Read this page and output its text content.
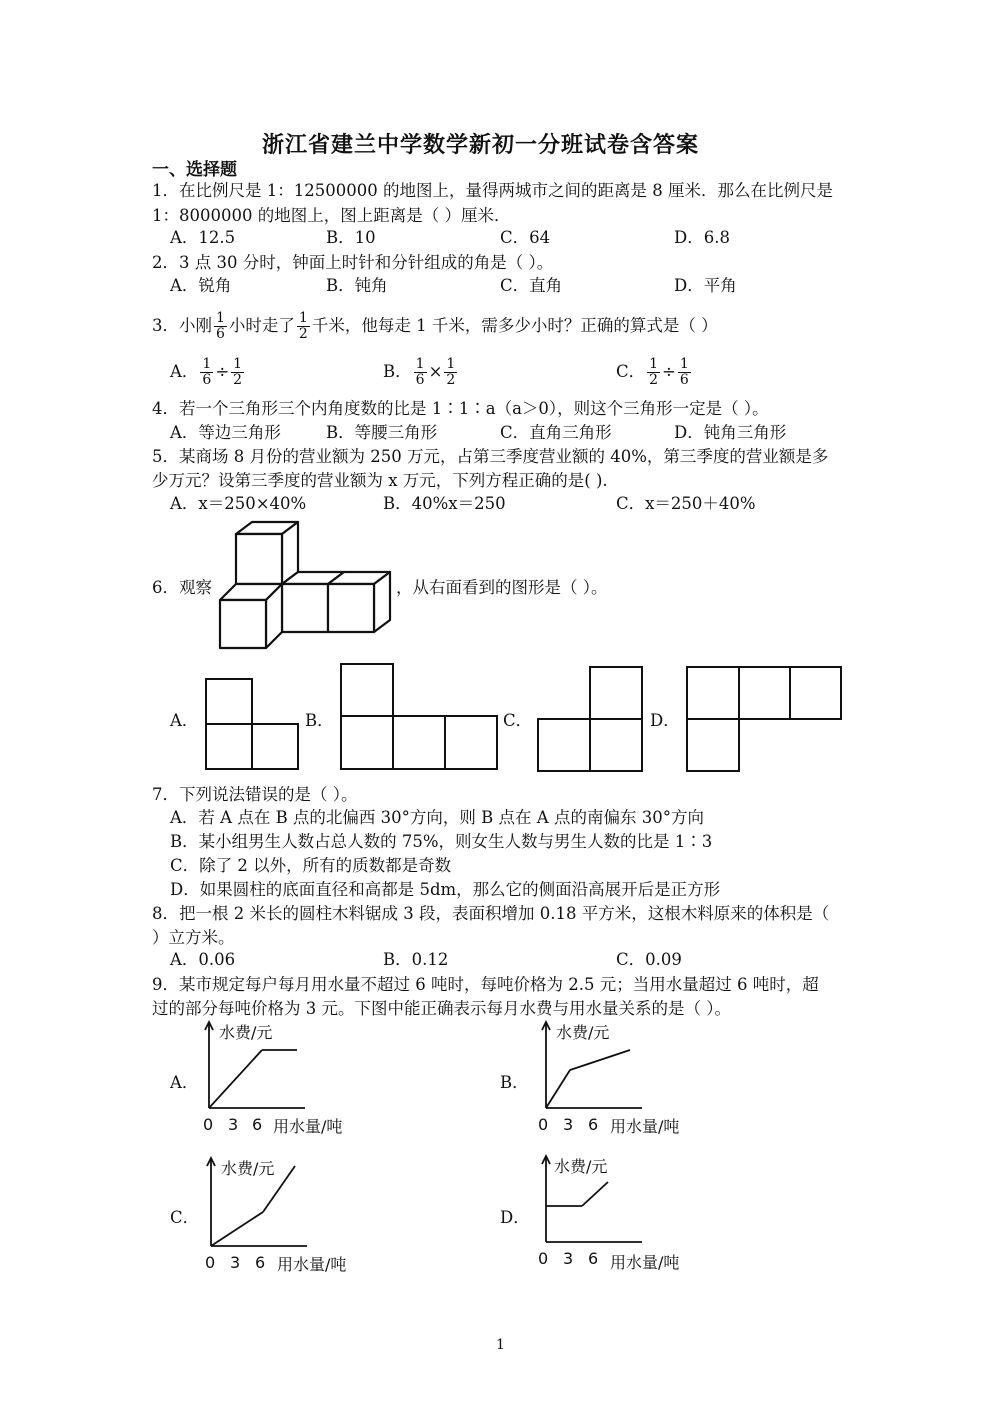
浙江省建兰中学数学新初一分班试卷含答案
一、选择题
1．在比例尺是 1：12500000 的地图上，量得两城市之间的距离是 8 厘米．那么在比例尺是
1：8000000 的地图上，图上距离是（ ）厘米．
A．12.5	B．10	C．64	D．6.8
2．3 点 30 分时，钟面上时针和分针组成的角是（ ）。
A．锐角	B．钝角	C．直角	D．平角
3．小刚 $\frac{1}{6}$ 小时走了 $\frac{1}{2}$ 千米，他每走 1 千米，需多少小时？正确的算式是（ ）
A． $\frac{1}{6} \div \frac{1}{2}$	B． $\frac{1}{6} \times \frac{1}{2}$	C． $\frac{1}{2} \div \frac{1}{6}$
4．若一个三角形三个内角度数的比是 1∶1∶a（a＞0），则这个三角形一定是（ ）。
A．等边三角形	B．等腰三角形	C．直角三角形	D．钝角三角形
5．某商场 8 月份的营业额为 250 万元，占第三季度营业额的 40%，第三季度的营业额是多
少万元？设第三季度的营业额为 x 万元，下列方程正确的是( ).
A．x＝250×40%	B．40%x＝250	C．x＝250＋40%
6．观察	，从右面看到的图形是（ ）。
A．	B．	C．	D．
7．下列说法错误的是（ ）。
A．若 A 点在 B 点的北偏西 30°方向，则 B 点在 A 点的南偏东 30°方向
B．某小组男生人数占总人数的 75%，则女生人数与男生人数的比是 1∶3
C．除了 2 以外，所有的质数都是奇数
D．如果圆柱的底面直径和高都是 5dm，那么它的侧面沿高展开后是正方形
8．把一根 2 米长的圆柱木料锯成 3 段，表面积增加 0.18 平方米，这根木料原来的体积是（
）立方米。
A．0.06	B．0.12	C．0.09
9．某市规定每户每月用水量不超过 6 吨时，每吨价格为 2.5 元；当用水量超过 6 吨时，超
过的部分每吨价格为 3 元。下图中能正确表示每月水费与用水量关系的是（ ）。
A．	B．
C．	D．
水费/元
0 3 6 用水量/吨
水费/元
0 3 6 用水量/吨
水费/元
0 3 6 用水量/吨
水费/元
0 3 6 用水量/吨
1
